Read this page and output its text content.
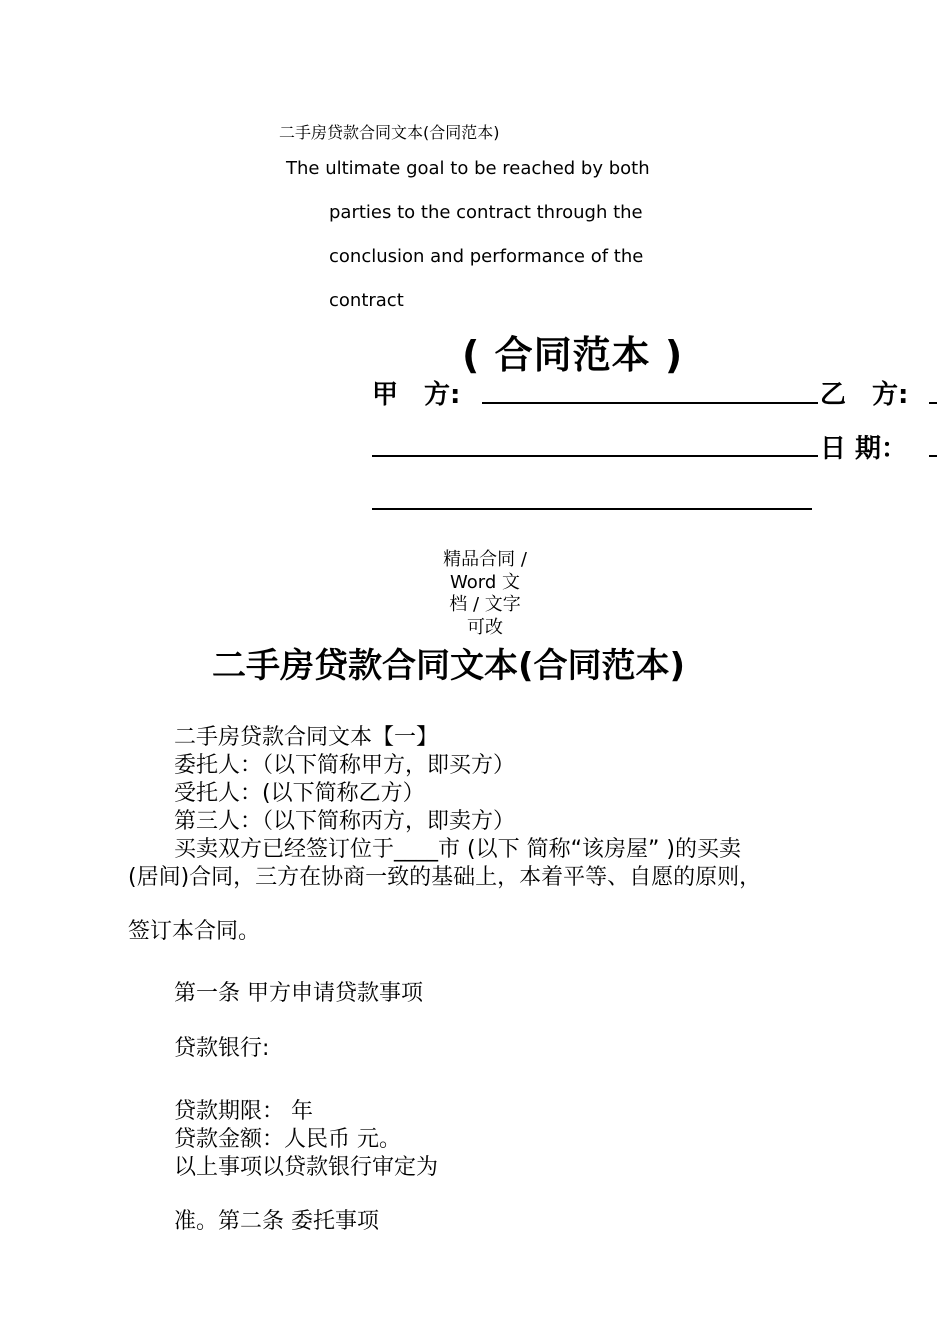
二手房贷款合同文本(合同范本)
The ultimate goal to be reached by both
parties to the contract through the
conclusion and performance of the
contract
( 合同范本 )
甲　方:	乙　方:
日 期：
精品合同 /
Word 文
档 / 文字
可改
二手房贷款合同文本(合同范本)
二手房贷款合同文本【一】
委托人：（以下简称甲方，即买方）
受托人：(以下简称乙方）
第三人：（以下简称丙方，即卖方）
买卖双方已经签订位于____市 (以下 简称“该房屋” )的买卖
(居间)合同，三方在协商一致的基础上，本着平等、自愿的原则，
签订本合同。
第一条 甲方申请贷款事项
贷款银行:
贷款期限： 年
贷款金额：人民币 元。
以上事项以贷款银行审定为
准。第二条 委托事项
